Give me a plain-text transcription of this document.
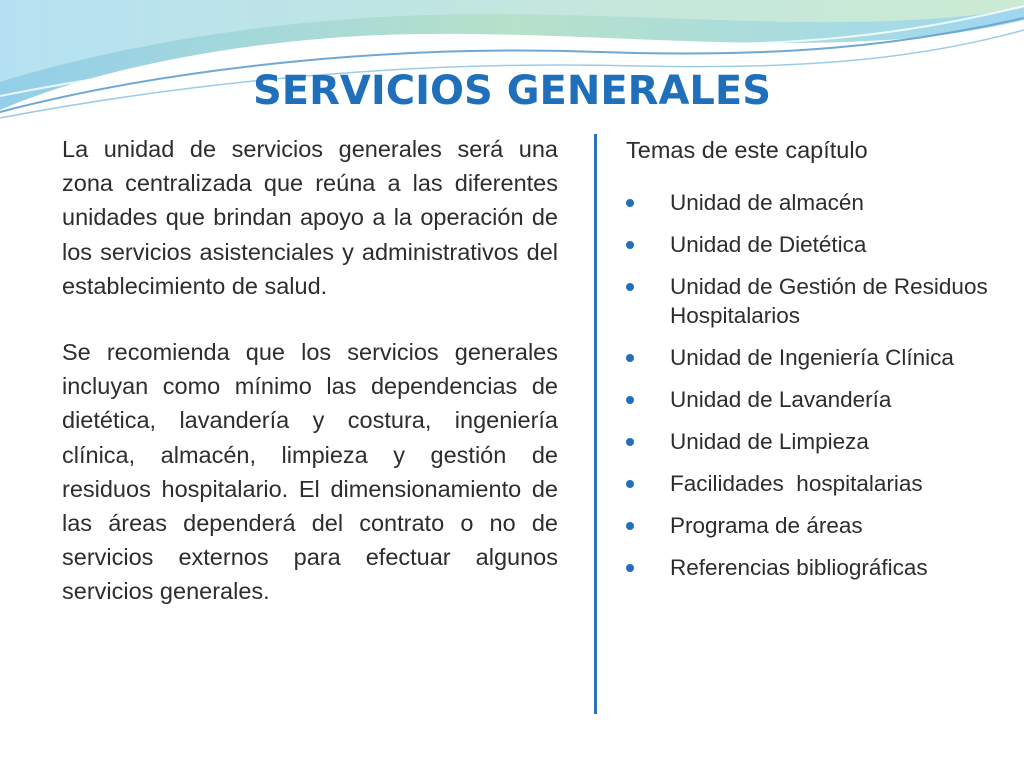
SERVICIOS GENERALES

La unidad de servicios generales será una zona centralizada que reúna a las diferentes unidades que brindan apoyo a la operación de los servicios asistenciales y administrativos del establecimiento de salud.

Se recomienda que los servicios generales incluyan como mínimo las dependencias de dietética, lavandería y costura, ingeniería clínica, almacén, limpieza y gestión de residuos hospitalario. El dimensionamiento de las áreas dependerá del contrato o no de servicios externos para efectuar algunos servicios generales.

Temas de este capítulo
Unidad de almacén
Unidad de Dietética
Unidad de Gestión de Residuos Hospitalarios
Unidad de Ingeniería Clínica
Unidad de Lavandería
Unidad de Limpieza
Facilidades  hospitalarias
Programa de áreas
Referencias bibliográficas
